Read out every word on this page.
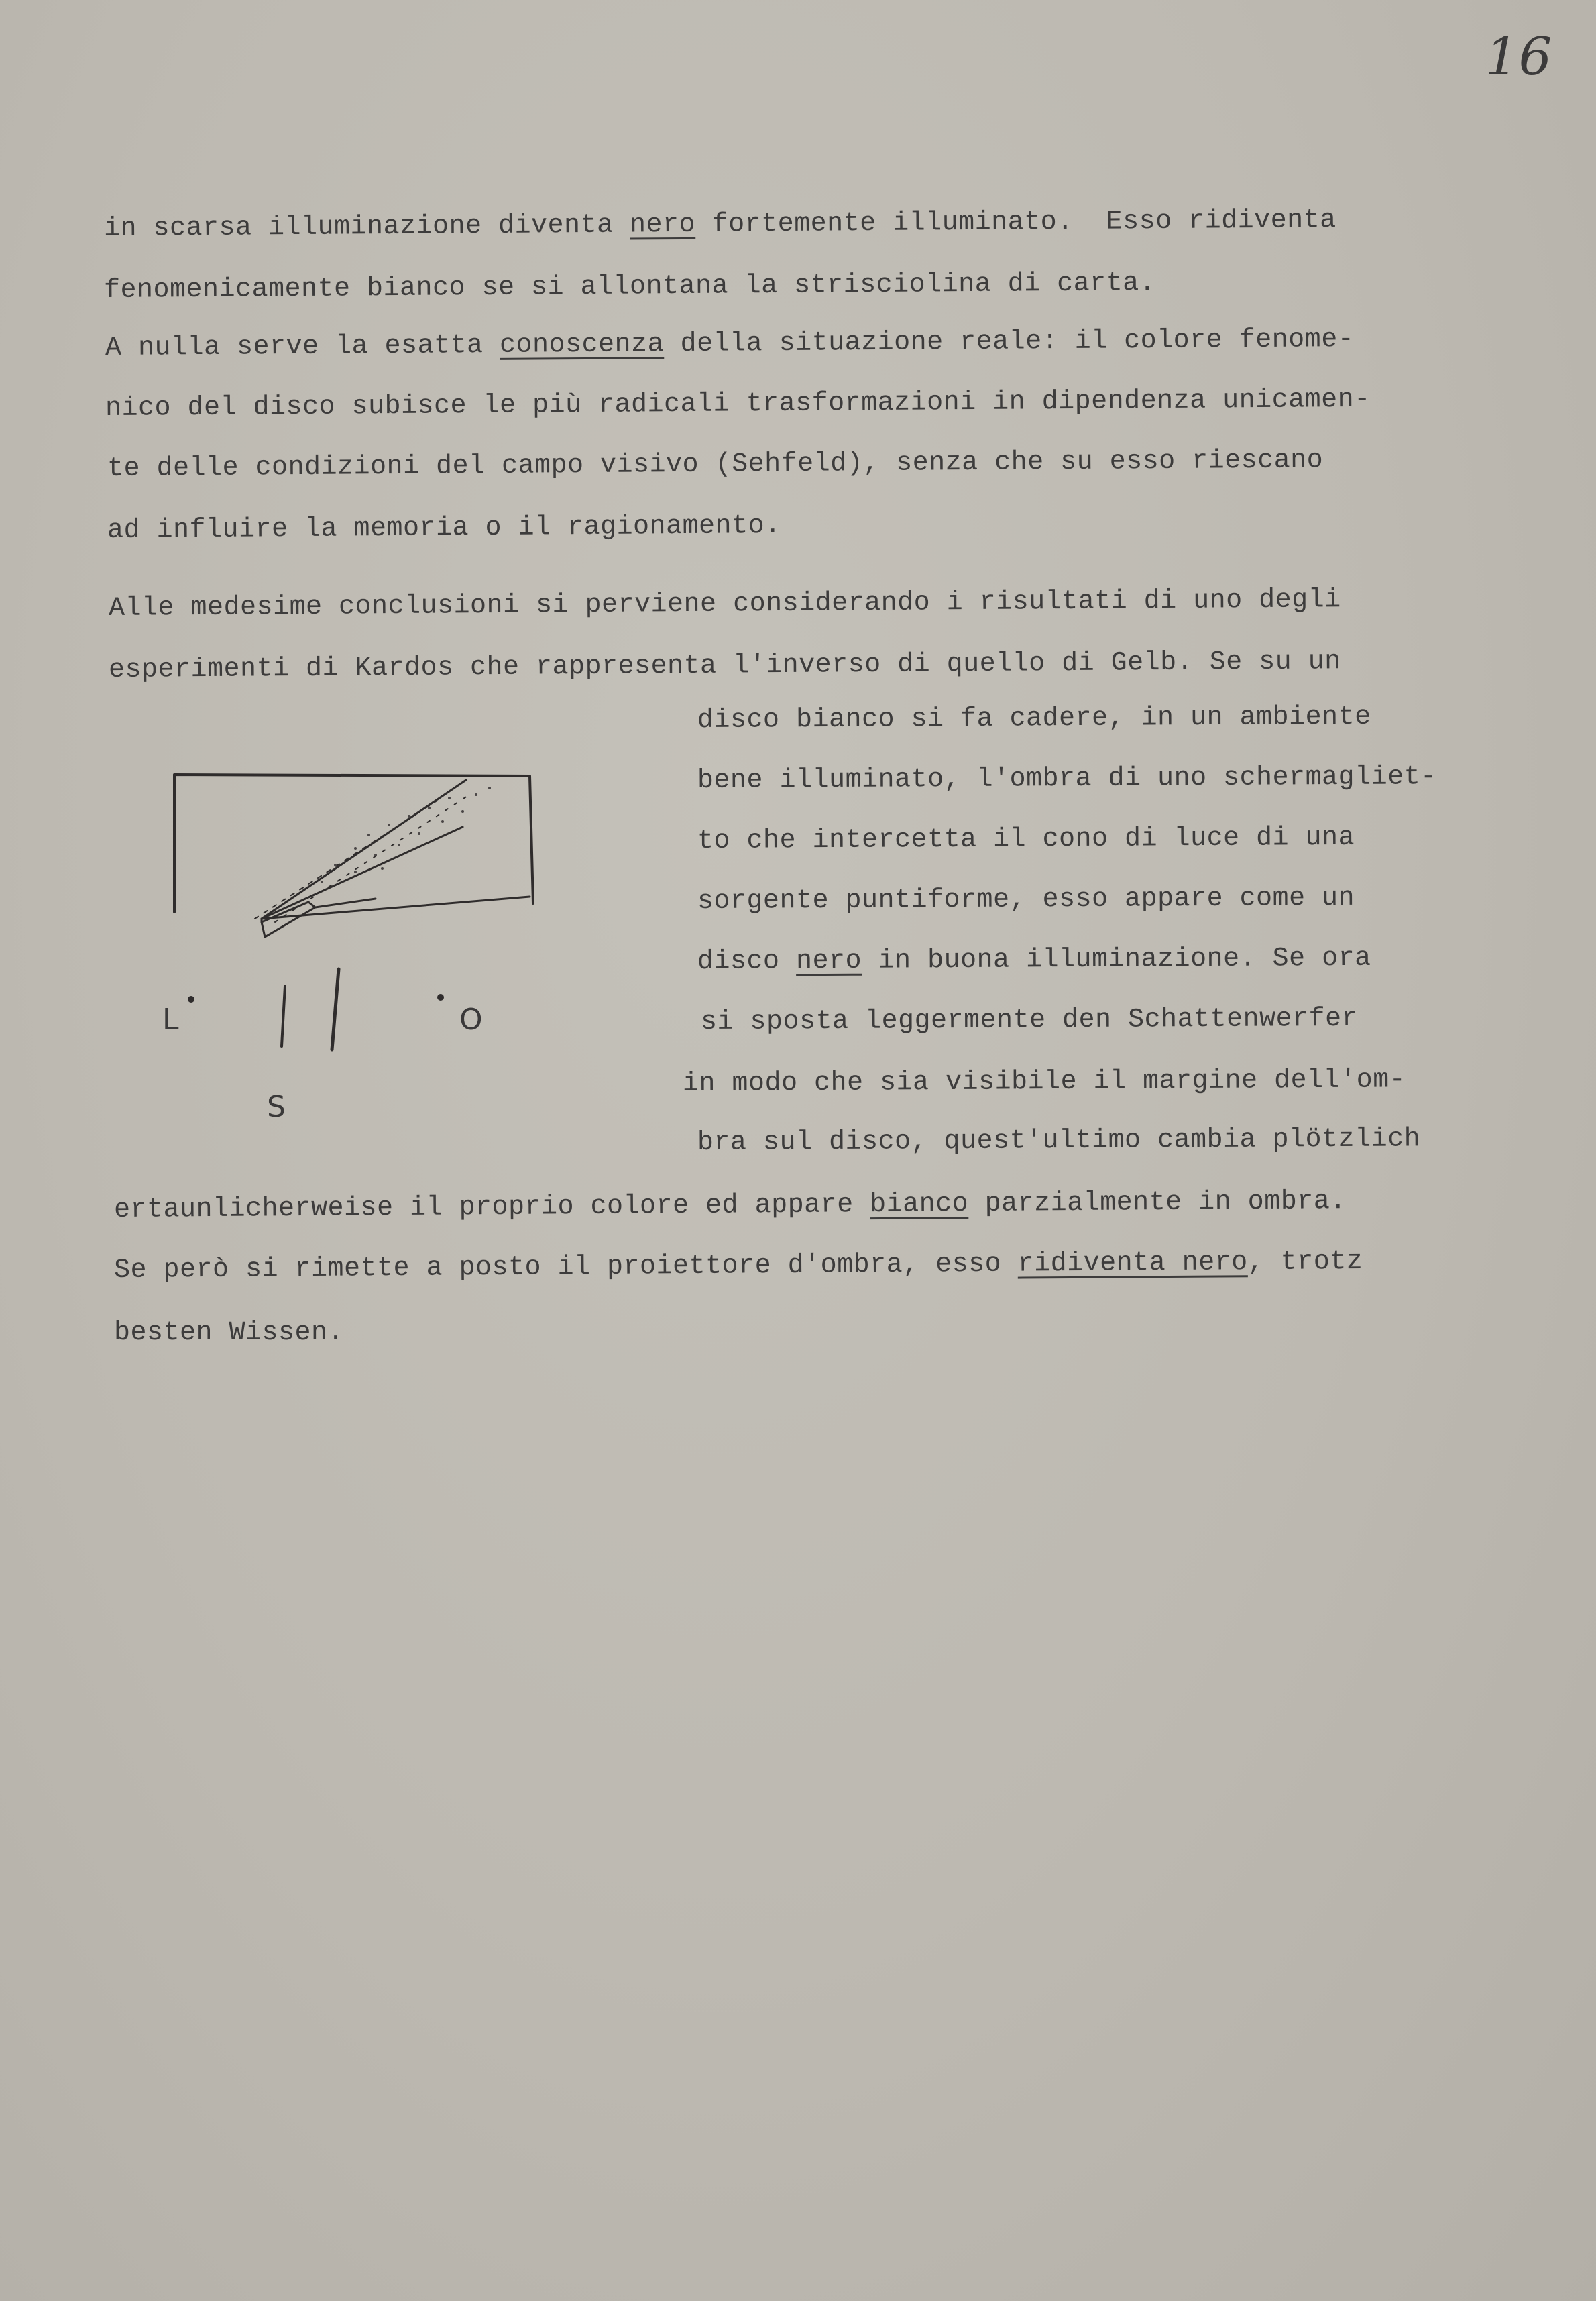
16

in scarsa illuminazione diventa nero fortemente illuminato.  Esso ridiventa

fenomenicamente bianco se si allontana la strisciolina di carta.

A nulla serve la esatta conoscenza della situazione reale: il colore fenome-

nico del disco subisce le più radicali trasformazioni in dipendenza unicamen-

te delle condizioni del campo visivo (Sehfeld), senza che su esso riescano

ad influire la memoria o il ragionamento.

Alle medesime conclusioni si perviene considerando i risultati di uno degli

esperimenti di Kardos che rappresenta l'inverso di quello di Gelb. Se su un

disco bianco si fa cadere, in un ambiente

bene illuminato, l'ombra di uno schermagliet-

to che intercetta il cono di luce di una

sorgente puntiforme, esso appare come un

disco nero in buona illuminazione. Se ora

si sposta leggermente den Schattenwerfer

in modo che sia visibile il margine dell'om-

bra sul disco, quest'ultimo cambia plötzlich

ertaunlicherweise il proprio colore ed appare bianco parzialmente in ombra.

Se però si rimette a posto il proiettore d'ombra, esso ridiventa nero, trotz

besten Wissen.

L	O

S
